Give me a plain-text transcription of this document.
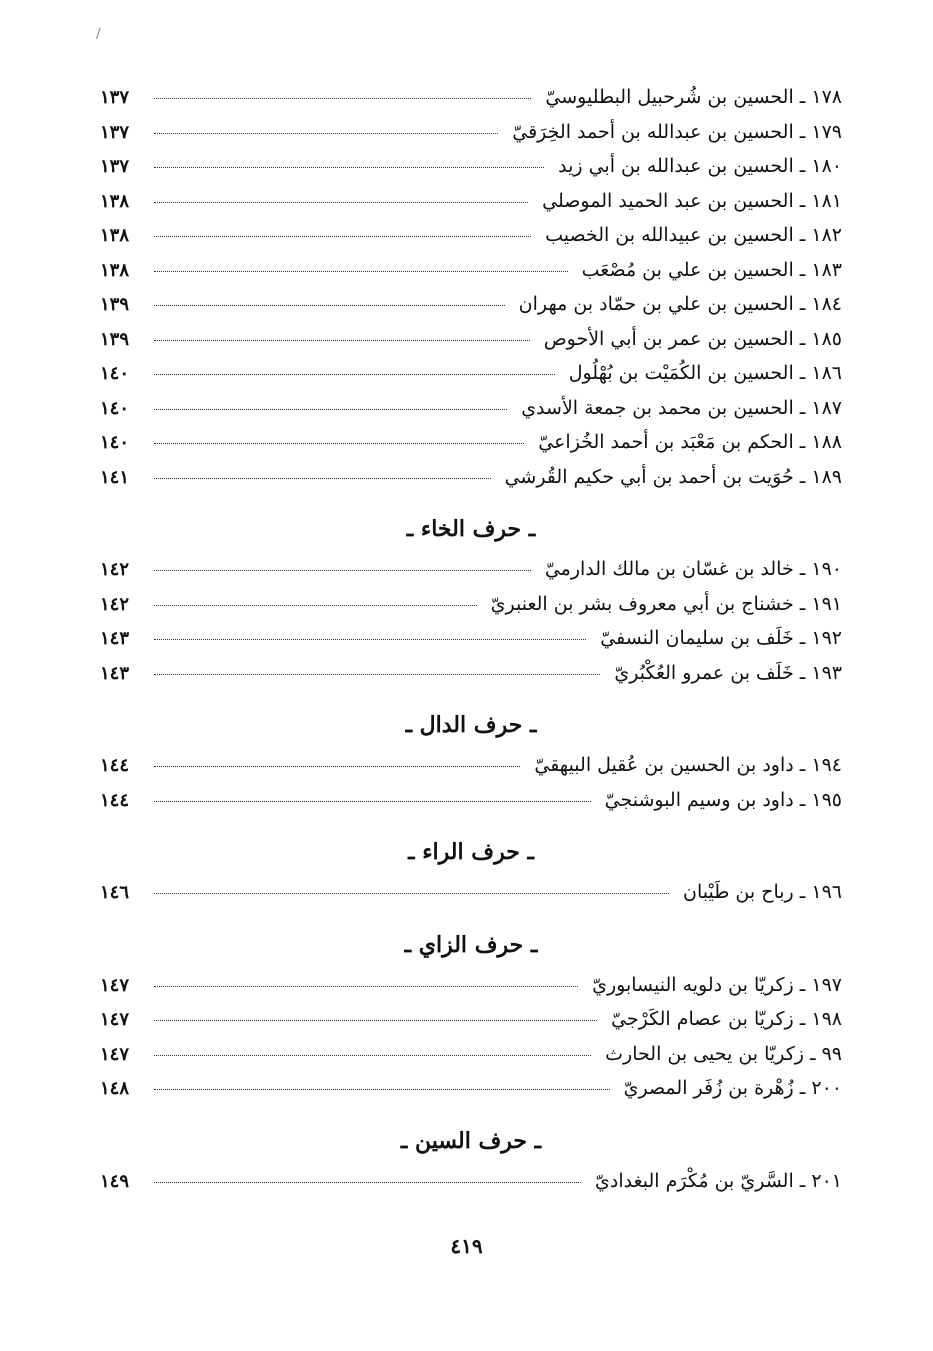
/
١٧٨ ـ الحسين بن شُرحبيل البطليوسيّ
١٣٧
١٧٩ ـ الحسين بن عبدالله بن أحمد الخِرَقيّ
١٣٧
١٨٠ ـ الحسين بن عبدالله بن أبي زيد
١٣٧
١٨١ ـ الحسين بن عبد الحميد الموصلي
١٣٨
١٨٢ ـ الحسين بن عبيدالله بن الخصيب
١٣٨
١٨٣ ـ الحسين بن علي بن مُصْعَب
١٣٨
١٨٤ ـ الحسين بن علي بن حمّاد بن مهران
١٣٩
١٨٥ ـ الحسين بن عمر بن أبي الأحوص
١٣٩
١٨٦ ـ الحسين بن الكُمَيْت بن بُهْلُول
١٤٠
١٨٧ ـ الحسين بن محمد بن جمعة الأسدي
١٤٠
١٨٨ ـ الحكم بن مَعْبَد بن أحمد الخُزاعيّ
١٤٠
١٨٩ ـ حُوَيت بن أحمد بن أبي حكيم القُرشي
١٤١
ـ حرف الخاء ـ
١٩٠ ـ خالد بن غسّان بن مالك الدارميّ
١٤٢
١٩١ ـ خشناج بن أبي معروف بشر بن العنبريّ
١٤٢
١٩٢ ـ خَلَف بن سليمان النسفيّ
١٤٣
١٩٣ ـ خَلَف بن عمرو العُكْبُريّ
١٤٣
ـ حرف الدال ـ
١٩٤ ـ داود بن الحسين بن عُقيل البيهقيّ
١٤٤
١٩٥ ـ داود بن وسيم البوشنجيّ
١٤٤
ـ حرف الراء ـ
١٩٦ ـ رباح بن طَيْبان
١٤٦
ـ حرف الزاي ـ
١٩٧ ـ زكريّا بن دلويه النيسابوريّ
١٤٧
١٩٨ ـ زكريّا بن عصام الكَرْجيّ
١٤٧
٩٩ ـ زكريّا بن يحيى بن الحارث
١٤٧
٢٠٠ ـ زُهْرة بن زُفَر المصريّ
١٤٨
ـ حرف السين ـ
٢٠١ ـ السَّريّ بن مُكْرَم البغداديّ
١٤٩
٤١٩
